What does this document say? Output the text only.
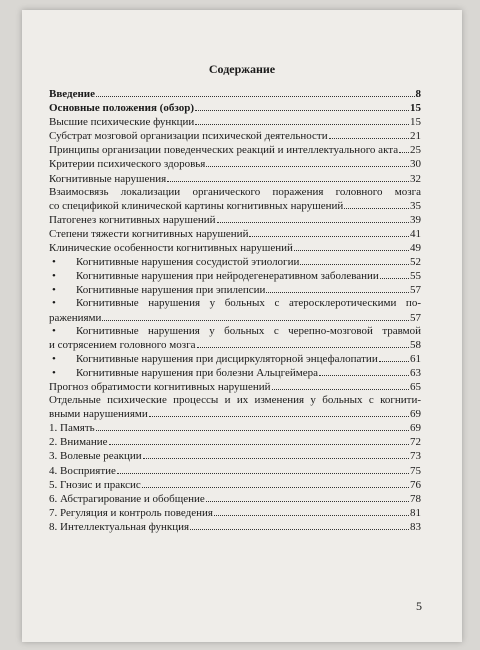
Содержание
Введение	8
Основные положения (обзор)	15
Высшие психические функции	15
Субстрат мозговой организации психической деятельности	21
Принципы организации поведенческих реакций и интеллектуального акта 25
Критерии психического здоровья	30
Когнитивные нарушения	32
Взаимосвязь локализации органического поражения головного мозга
со спецификой клинической картины когнитивных нарушений	35
Патогенез когнитивных нарушений	39
Степени тяжести когнитивных нарушений	41
Клинические особенности когнитивных нарушений	49
•	Когнитивные нарушения сосудистой этиологии	52
•	Когнитивные нарушения при нейродегенеративном заболевании	55
•	Когнитивные нарушения при эпилепсии	57
• Когнитивные нарушения у больных с атеросклеротическими по-
ражениями	57
• Когнитивные нарушения у больных с черепно-мозговой травмой
и сотрясением головного мозга	58
•	Когнитивные нарушения при дисциркуляторной энцефалопатии	61
•	Когнитивные нарушения при болезни Альцгеймера	63
Прогноз обратимости когнитивных нарушений	65
Отдельные психические процессы и их изменения у больных с когнити-
вными нарушениями	69
1. Память	69
2. Внимание	72
3. Волевые реакции	73
4. Восприятие	75
5. Гнозис и праксис	76
6. Абстрагирование и обобщение	78
7. Регуляция и контроль поведения	81
8. Интеллектуальная функция	83
5
